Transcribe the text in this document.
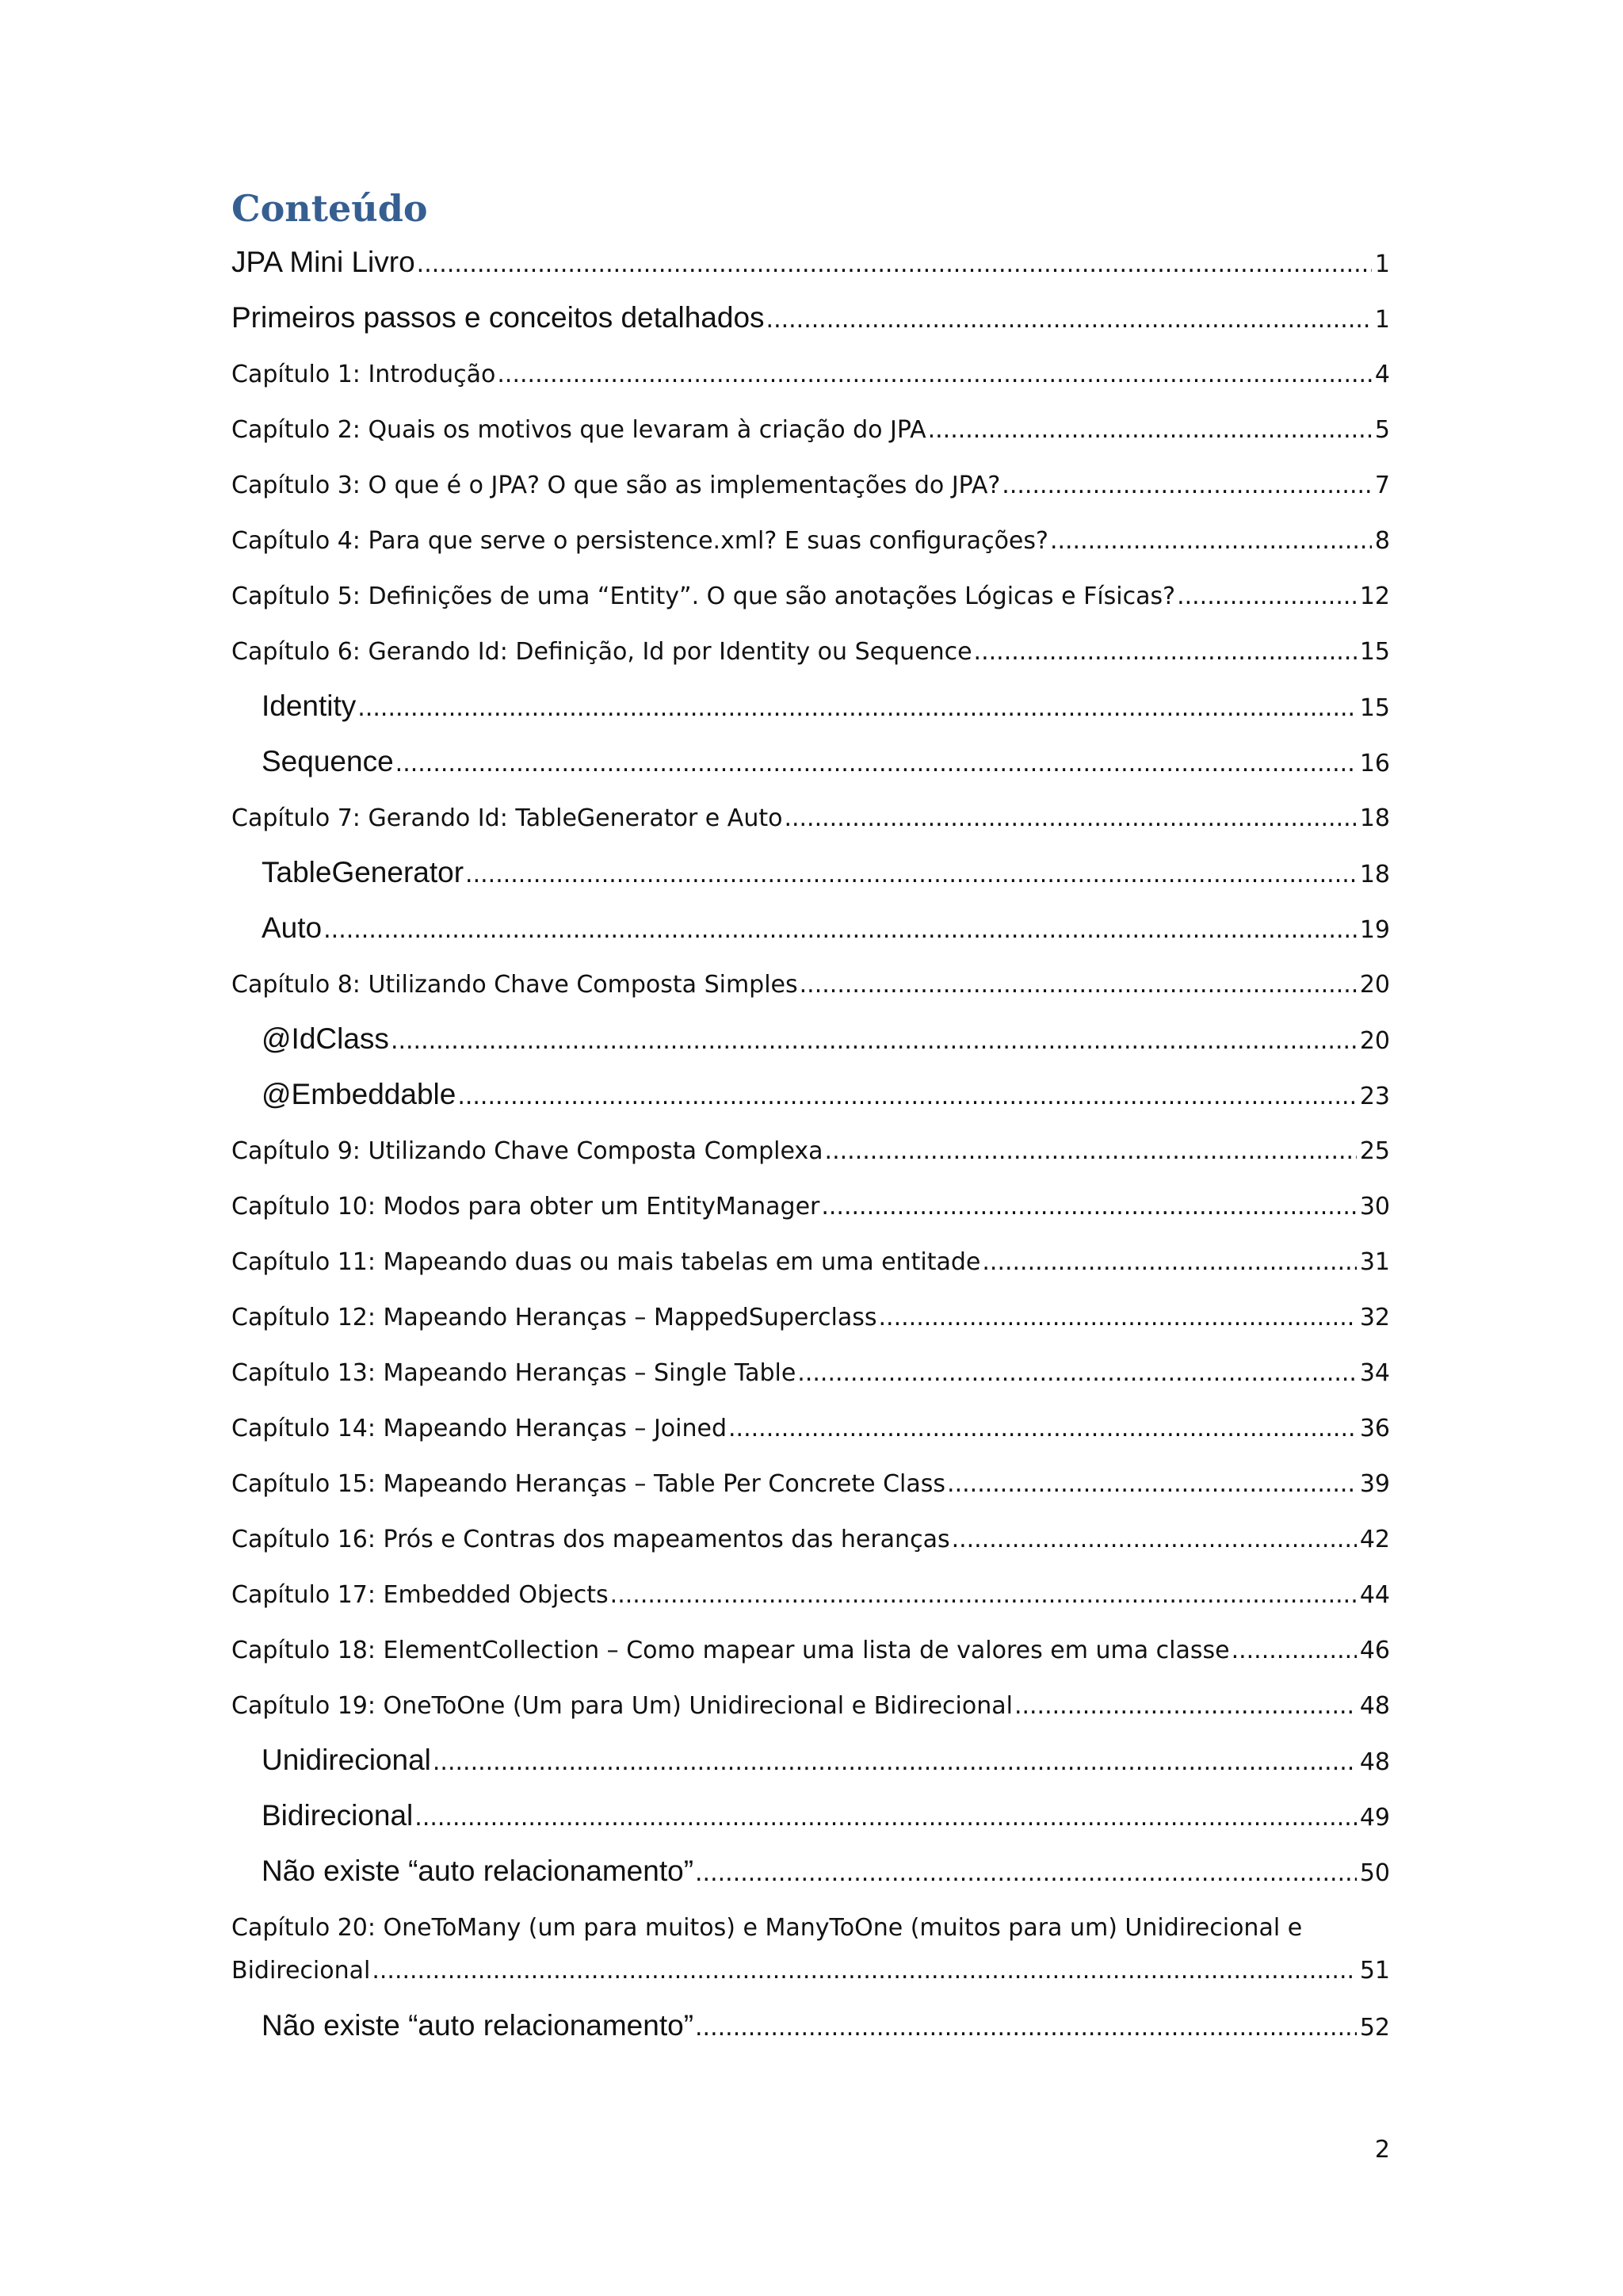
Conteúdo
JPA Mini Livro .....	1
Primeiros passos e conceitos detalhados .....	1
Capítulo 1: Introdução .....	4
Capítulo 2: Quais os motivos que levaram à criação do JPA .....	5
Capítulo 3: O que é o JPA? O que são as implementações do JPA? .....	7
Capítulo 4: Para que serve o persistence.xml? E suas configurações? .....	8
Capítulo 5: Definições de uma “Entity”. O que são anotações Lógicas e Físicas? .....	12
Capítulo 6: Gerando Id: Definição, Id por Identity ou Sequence .....	15
Identity .....	15
Sequence .....	16
Capítulo 7: Gerando Id: TableGenerator e Auto .....	18
TableGenerator .....	18
Auto .....	19
Capítulo 8: Utilizando Chave Composta Simples .....	20
@IdClass .....	20
@Embeddable .....	23
Capítulo 9: Utilizando Chave Composta Complexa .....	25
Capítulo 10: Modos para obter um EntityManager .....	30
Capítulo 11: Mapeando duas ou mais tabelas em uma entitade .....	31
Capítulo 12: Mapeando Heranças – MappedSuperclass .....	32
Capítulo 13: Mapeando Heranças – Single Table .....	34
Capítulo 14: Mapeando Heranças – Joined .....	36
Capítulo 15: Mapeando Heranças – Table Per Concrete Class .....	39
Capítulo 16: Prós e Contras dos mapeamentos das heranças .....	42
Capítulo 17: Embedded Objects .....	44
Capítulo 18: ElementCollection – Como mapear uma lista de valores em uma classe .....	46
Capítulo 19: OneToOne (Um para Um) Unidirecional e Bidirecional .....	48
Unidirecional .....	48
Bidirecional .....	49
Não existe “auto relacionamento” .....	50
Capítulo 20: OneToMany (um para muitos) e ManyToOne (muitos para um) Unidirecional e
Bidirecional .....	51
Não existe “auto relacionamento” .....	52
2
